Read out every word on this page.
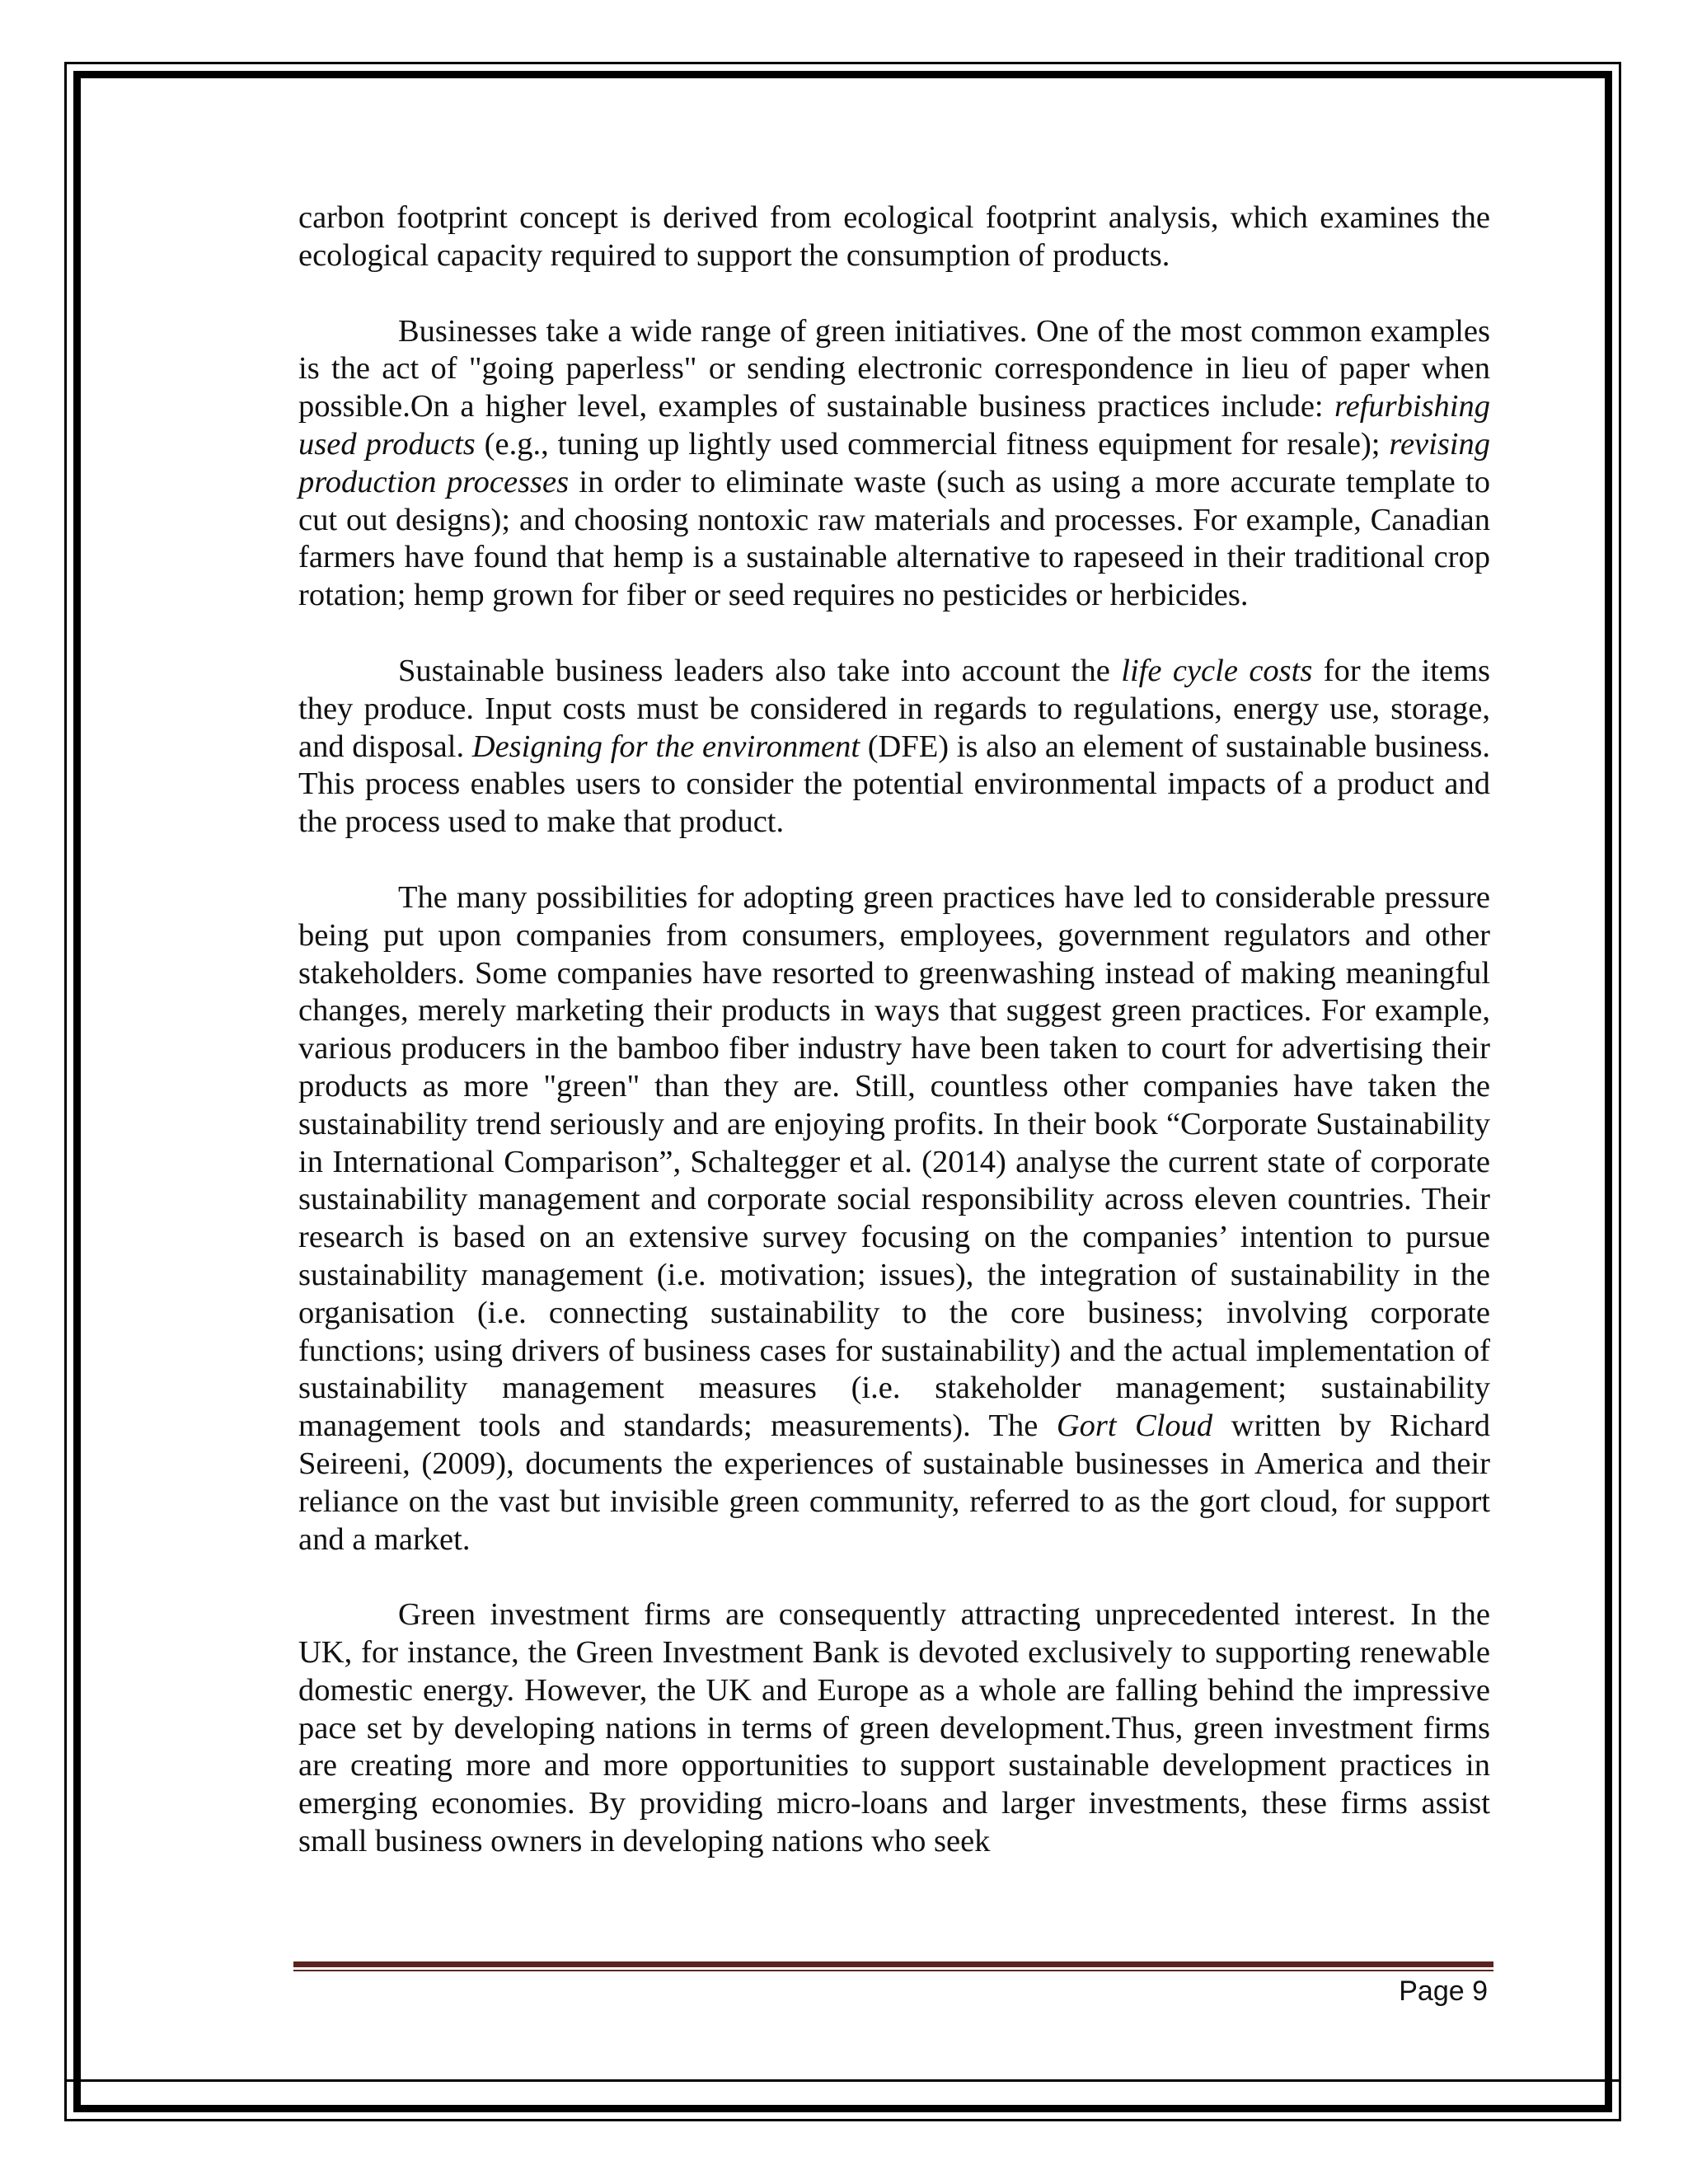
carbon footprint concept is derived from ecological footprint analysis, which examines the ecological capacity required to support the consumption of products.

Businesses take a wide range of green initiatives. One of the most common examples is the act of "going paperless" or sending electronic correspondence in lieu of paper when possible.On a higher level, examples of sustainable business practices include: refurbishing used products (e.g., tuning up lightly used commercial fitness equipment for resale); revising production processes in order to eliminate waste (such as using a more accurate template to cut out designs); and choosing nontoxic raw materials and processes. For example, Canadian farmers have found that hemp is a sustainable alternative to rapeseed in their traditional crop rotation; hemp grown for fiber or seed requires no pesticides or herbicides.

Sustainable business leaders also take into account the life cycle costs for the items they produce. Input costs must be considered in regards to regulations, energy use, storage, and disposal. Designing for the environment (DFE) is also an element of sustainable business. This process enables users to consider the potential environmental impacts of a product and the process used to make that product.

The many possibilities for adopting green practices have led to considerable pressure being put upon companies from consumers, employees, government regulators and other stakeholders. Some companies have resorted to greenwashing instead of making meaningful changes, merely marketing their products in ways that suggest green practices. For example, various producers in the bamboo fiber industry have been taken to court for advertising their products as more "green" than they are. Still, countless other companies have taken the sustainability trend seriously and are enjoying profits. In their book “Corporate Sustainability in International Comparison”, Schaltegger et al. (2014) analyse the current state of corporate sustainability management and corporate social responsibility across eleven countries. Their research is based on an extensive survey focusing on the companies’ intention to pursue sustainability management (i.e. motivation; issues), the integration of sustainability in the organisation (i.e. connecting sustainability to the core business; involving corporate functions; using drivers of business cases for sustainability) and the actual implementation of sustainability management measures (i.e. stakeholder management; sustainability management tools and standards; measurements). The Gort Cloud written by Richard Seireeni, (2009), documents the experiences of sustainable businesses in America and their reliance on the vast but invisible green community, referred to as the gort cloud, for support and a market.

Green investment firms are consequently attracting unprecedented interest. In the UK, for instance, the Green Investment Bank is devoted exclusively to supporting renewable domestic energy. However, the UK and Europe as a whole are falling behind the impressive pace set by developing nations in terms of green development.Thus, green investment firms are creating more and more opportunities to support sustainable development practices in emerging economies. By providing micro-loans and larger investments, these firms assist small business owners in developing nations who seek

Page 9
